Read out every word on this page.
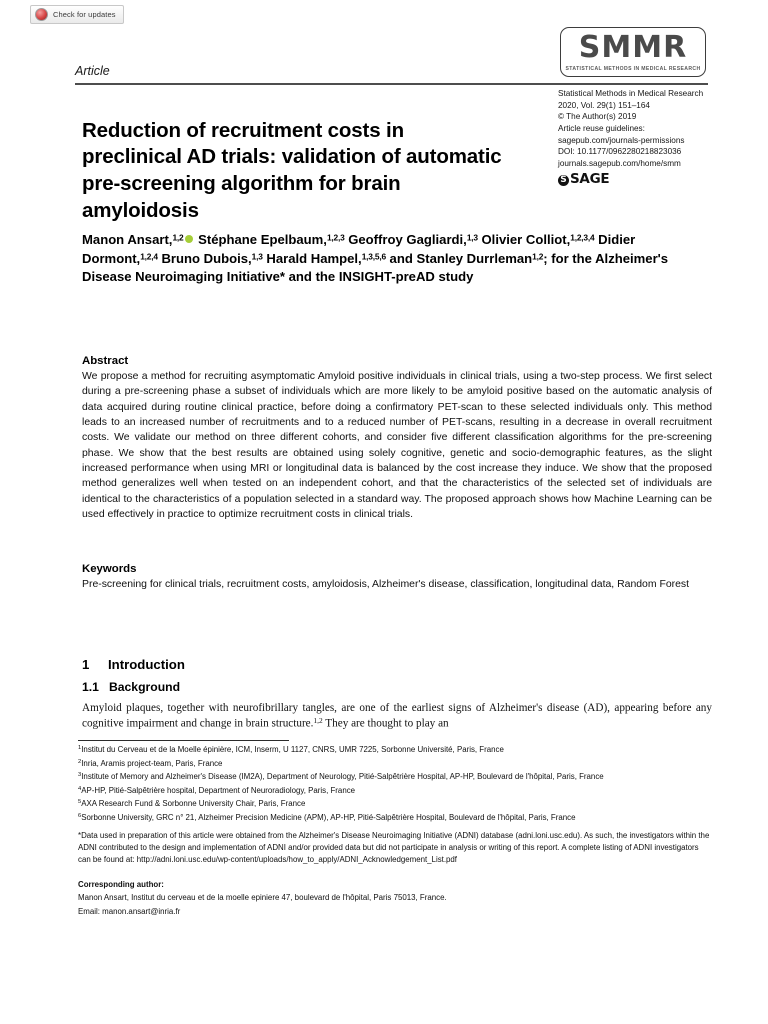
Check for updates
SMMR
STATISTICAL METHODS IN MEDICAL RESEARCH
Article
Statistical Methods in Medical Research
2020, Vol. 29(1) 151–164
© The Author(s) 2019
Article reuse guidelines:
sagepub.com/journals-permissions
DOI: 10.1177/0962280218823036
journals.sagepub.com/home/smm
S SAGE
Reduction of recruitment costs in preclinical AD trials: validation of automatic pre-screening algorithm for brain amyloidosis
Manon Ansart,$^{1,2}$ Stéphane Epelbaum,$^{1,2,3}$ Geoffroy Gagliardi,$^{1,3}$ Olivier Colliot,$^{1,2,3,4}$ Didier Dormont,$^{1,2,4}$ Bruno Dubois,$^{1,3}$ Harald Hampel,$^{1,3,5,6}$ and Stanley Durrleman$^{1,2}$; for the Alzheimer's Disease Neuroimaging Initiative* and the INSIGHT-preAD study
Abstract
We propose a method for recruiting asymptomatic Amyloid positive individuals in clinical trials, using a two-step process. We first select during a pre-screening phase a subset of individuals which are more likely to be amyloid positive based on the automatic analysis of data acquired during routine clinical practice, before doing a confirmatory PET-scan to these selected individuals only. This method leads to an increased number of recruitments and to a reduced number of PET-scans, resulting in a decrease in overall recruitment costs. We validate our method on three different cohorts, and consider five different classification algorithms for the pre-screening phase. We show that the best results are obtained using solely cognitive, genetic and socio-demographic features, as the slight increased performance when using MRI or longitudinal data is balanced by the cost increase they induce. We show that the proposed method generalizes well when tested on an independent cohort, and that the characteristics of the selected set of individuals are identical to the characteristics of a population selected in a standard way. The proposed approach shows how Machine Learning can be used effectively in practice to optimize recruitment costs in clinical trials.
Keywords
Pre-screening for clinical trials, recruitment costs, amyloidosis, Alzheimer's disease, classification, longitudinal data, Random Forest
1	Introduction
1.1 Background

Amyloid plaques, together with neurofibrillary tangles, are one of the earliest signs of Alzheimer's disease (AD), appearing before any cognitive impairment and change in brain structure.$^{1,2}$ They are thought to play an

$^1$Institut du Cerveau et de la Moelle épinière, ICM, Inserm, U 1127, CNRS, UMR 7225, Sorbonne Université, Paris, France

$^2$Inria, Aramis project-team, Paris, France

$^3$Institute of Memory and Alzheimer's Disease (IM2A), Department of Neurology, Pitié-Salpêtrière Hospital, AP-HP, Boulevard de l'hôpital, Paris, France

$^4$AP-HP, Pitié-Salpêtrière hospital, Department of Neuroradiology, Paris, France

$^5$AXA Research Fund & Sorbonne University Chair, Paris, France

$^6$Sorbonne University, GRC n° 21, Alzheimer Precision Medicine (APM), AP-HP, Pitié-Salpêtrière Hospital, Boulevard de l'hôpital, Paris, France

*Data used in preparation of this article were obtained from the Alzheimer's Disease Neuroimaging Initiative (ADNI) database (adni.loni.usc.edu). As such, the investigators within the ADNI contributed to the design and implementation of ADNI and/or provided data but did not participate in analysis or writing of this report. A complete listing of ADNI investigators can be found at: http://adni.loni.usc.edu/wp-content/uploads/how_to_apply/ADNI_Acknowledgement_List.pdf

Corresponding author:

Manon Ansart, Institut du cerveau et de la moelle epiniere 47, boulevard de l'hôpital, Paris 75013, France.

Email: manon.ansart@inria.fr
